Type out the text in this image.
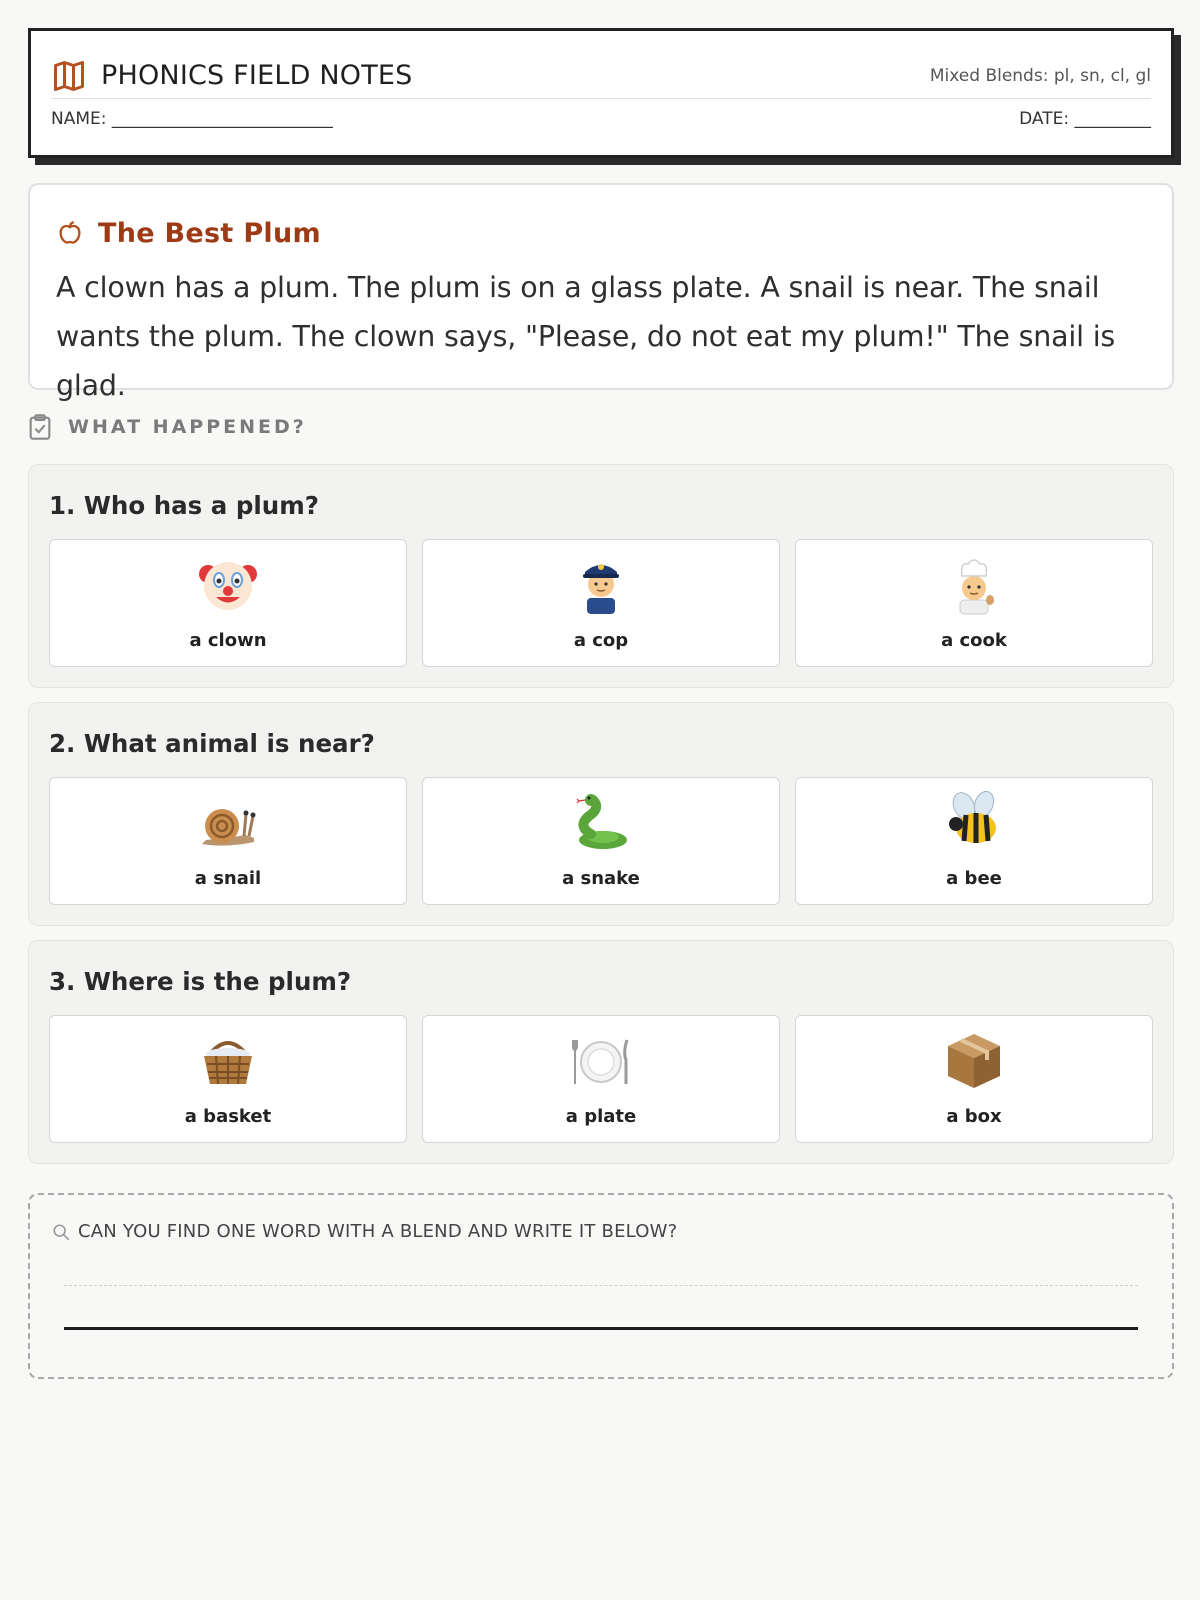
PHONICS FIELD NOTES	Mixed Blends: pl, sn, cl, gl
NAME: __________________________	DATE: _________
The Best Plum

A clown has a plum. The plum is on a glass plate. A snail is near. The snail wants the plum. The clown says, "Please, do not eat my plum!" The snail is glad.

WHAT HAPPENED?
1. Who has a plum?
a clown	a cop	a cook
2. What animal is near?
a snail	a snake	a bee
3. Where is the plum?
a basket	a plate	a box
CAN YOU FIND ONE WORD WITH A BLEND AND WRITE IT BELOW?
